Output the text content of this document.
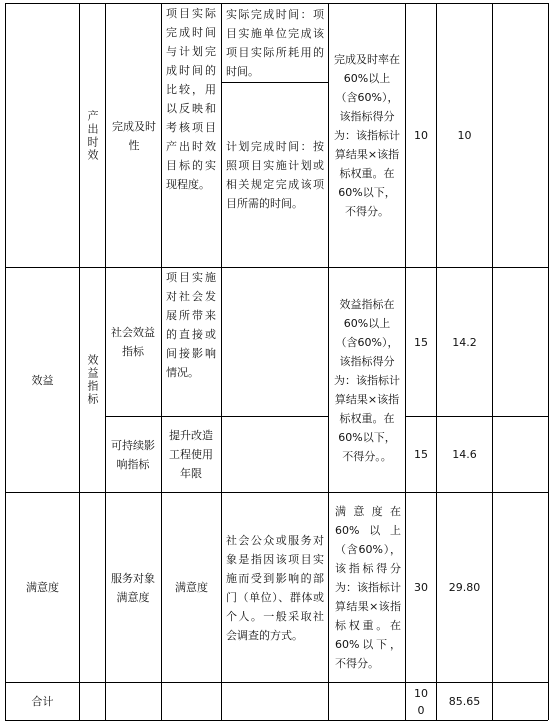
产出时效 完成及时性
项目实际完成时间与计划完成时间的比较，用以反映和考核项目产出时效目标的实现程度。
实际完成时间：项目实施单位完成该项目实际所耗用的时间。
计划完成时间：按照项目实施计划或相关规定完成该项目所需的时间。
完成及时率在60%以上（含60%），该指标得分为：该指标计算结果×该指标权重。在60%以下，不得分。
10	10
效益	效益指标
社会效益指标
项目实施对社会发展所带来的直接或间接影响情况。
可持续影响指标
提升改造工程使用年限
效益指标在60%以上（含60%），该指标得分为：该指标计算结果×该指标权重。在60%以下，不得分。。
15 14.2
15 14.6
满意度
服务对象满意度
满意度
社会公众或服务对象是指因该项目实施而受到影响的部门（单位）、群体或个人。一般采取社会调查的方式。
满意度在60%以上（含60%），该指标得分为：该指标计算结果×该指标权重。在60%以下，不得分。
30 29.80
合计
100
85.65
